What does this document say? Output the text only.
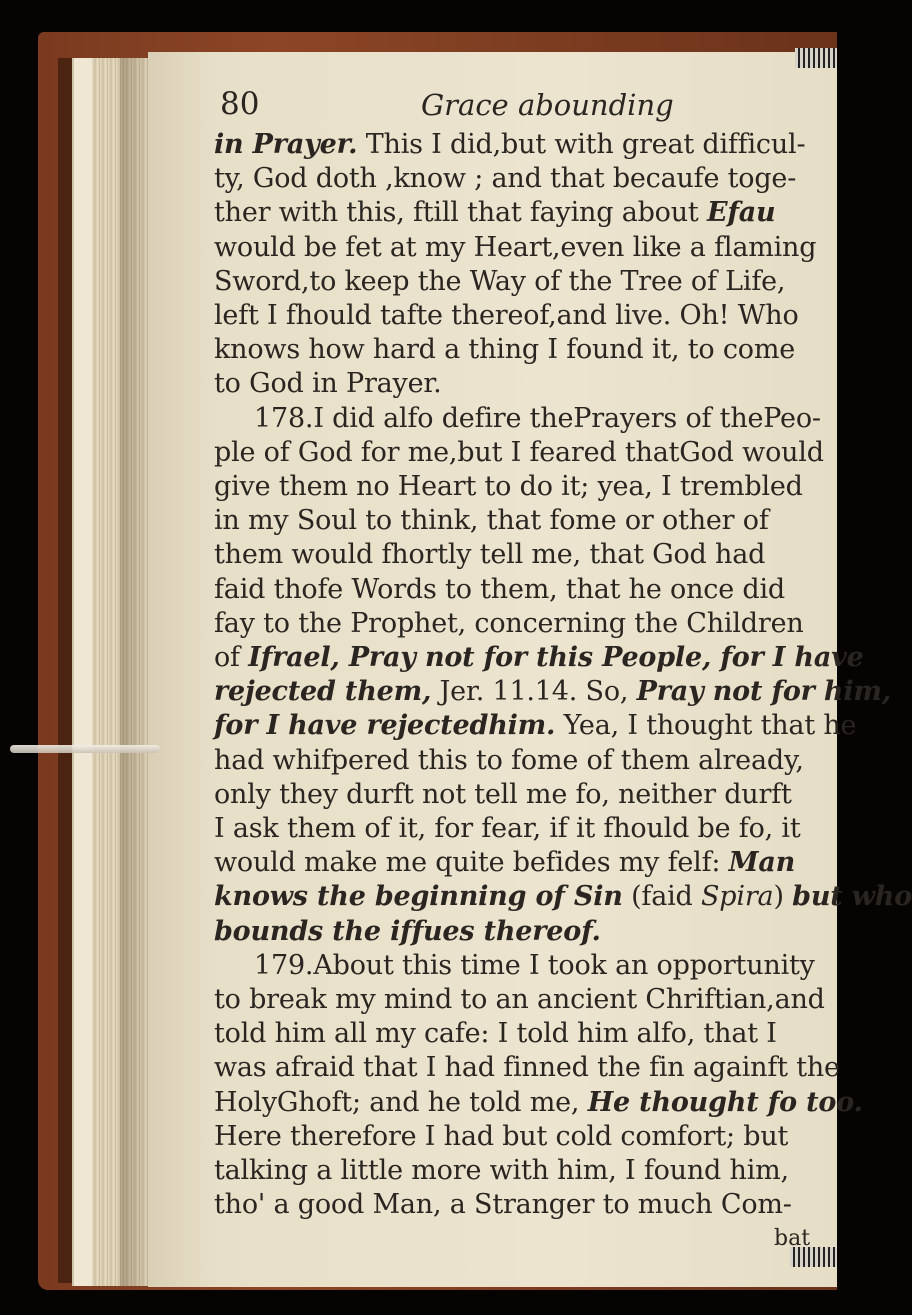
80	Grace abounding
in Prayer. This I did,but with great difficul-
ty, God doth ,know ; and that becaufe toge-
ther with this, ftill that faying about Efau
would be fet at my Heart,even like a flaming
Sword,to keep the Way of the Tree of Life,
left I fhould tafte thereof,and live. Oh! Who
knows how hard a thing I found it, to come
to God in Prayer.
178.I did alfo defire thePrayers of thePeo-
ple of God for me,but I feared thatGod would
give them no Heart to do it; yea, I trembled
in my Soul to think, that fome or other of
them would fhortly tell me, that God had
faid thofe Words to them, that he once did
fay to the Prophet, concerning the Children
of Ifrael, Pray not for this People, for I have
rejected them, Jer. 11.14. So, Pray not for him,
for I have rejectedhim. Yea, I thought that he
had whifpered this to fome of them already,
only they durft not tell me fo, neither durft
I ask them of it, for fear, if it fhould be fo, it
would make me quite befides my felf: Man
knows the beginning of Sin (faid Spira) but who
bounds the iffues thereof.
179.About this time I took an opportunity
to break my mind to an ancient Chriftian,and
told him all my cafe: I told him alfo, that I
was afraid that I had finned the fin againft the
HolyGhoft; and he told me, He thought fo too.
Here therefore I had but cold comfort; but
talking a little more with him, I found him,
tho' a good Man, a Stranger to much Com-
bat
